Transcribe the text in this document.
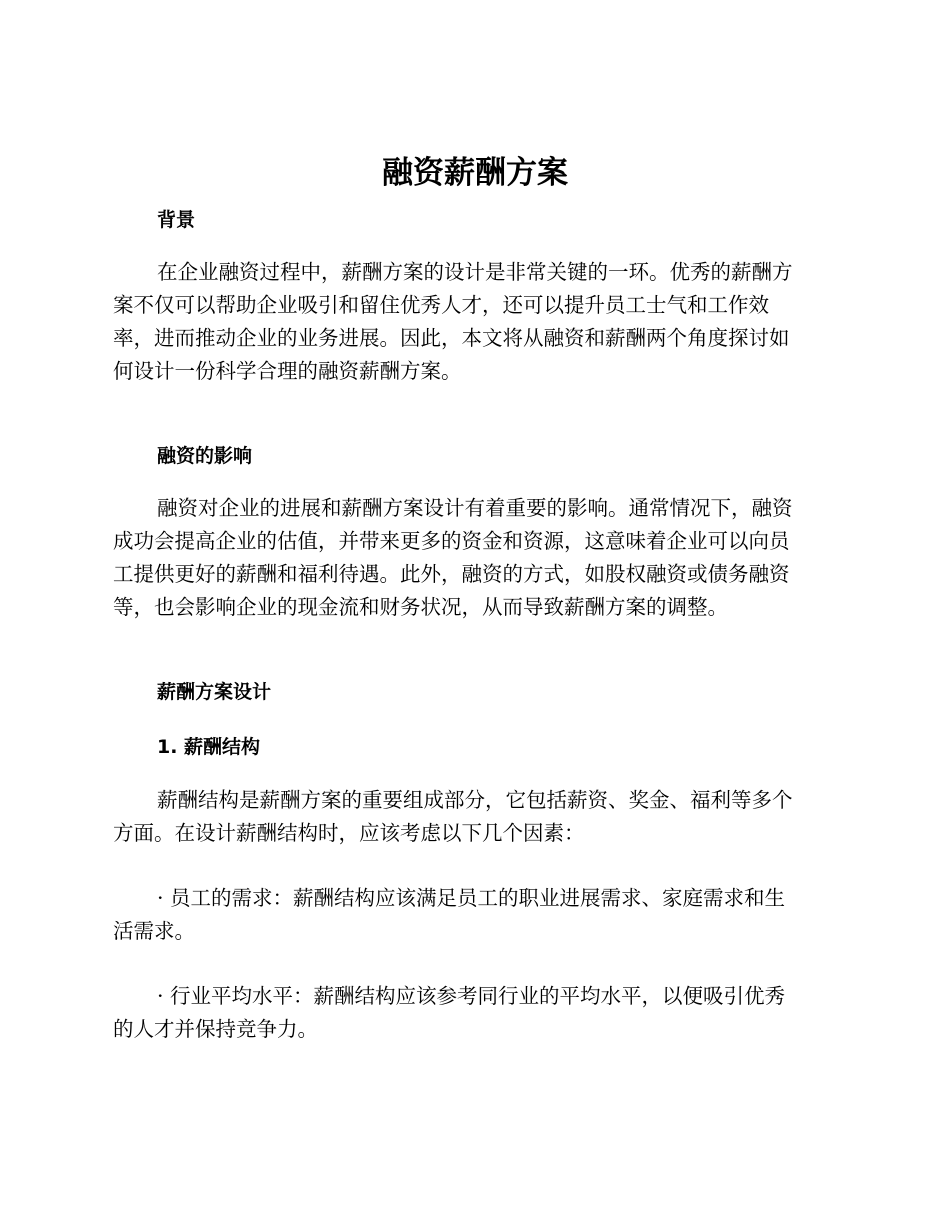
融资薪酬方案
背景

在企业融资过程中，薪酬方案的设计是非常关键的一环。优秀的薪酬方
案不仅可以帮助企业吸引和留住优秀人才，还可以提升员工士气和工作效
率，进而推动企业的业务进展。因此，本文将从融资和薪酬两个角度探讨如
何设计一份科学合理的融资薪酬方案。

融资的影响

融资对企业的进展和薪酬方案设计有着重要的影响。通常情况下，融资
成功会提高企业的估值，并带来更多的资金和资源，这意味着企业可以向员
工提供更好的薪酬和福利待遇。此外，融资的方式，如股权融资或债务融资
等，也会影响企业的现金流和财务状况，从而导致薪酬方案的调整。

薪酬方案设计
1. 薪酬结构

薪酬结构是薪酬方案的重要组成部分，它包括薪资、奖金、福利等多个
方面。在设计薪酬结构时，应该考虑以下几个因素：

· 员工的需求：薪酬结构应该满足员工的职业进展需求、家庭需求和生
活需求。

· 行业平均水平：薪酬结构应该参考同行业的平均水平，以便吸引优秀
的人才并保持竞争力。
